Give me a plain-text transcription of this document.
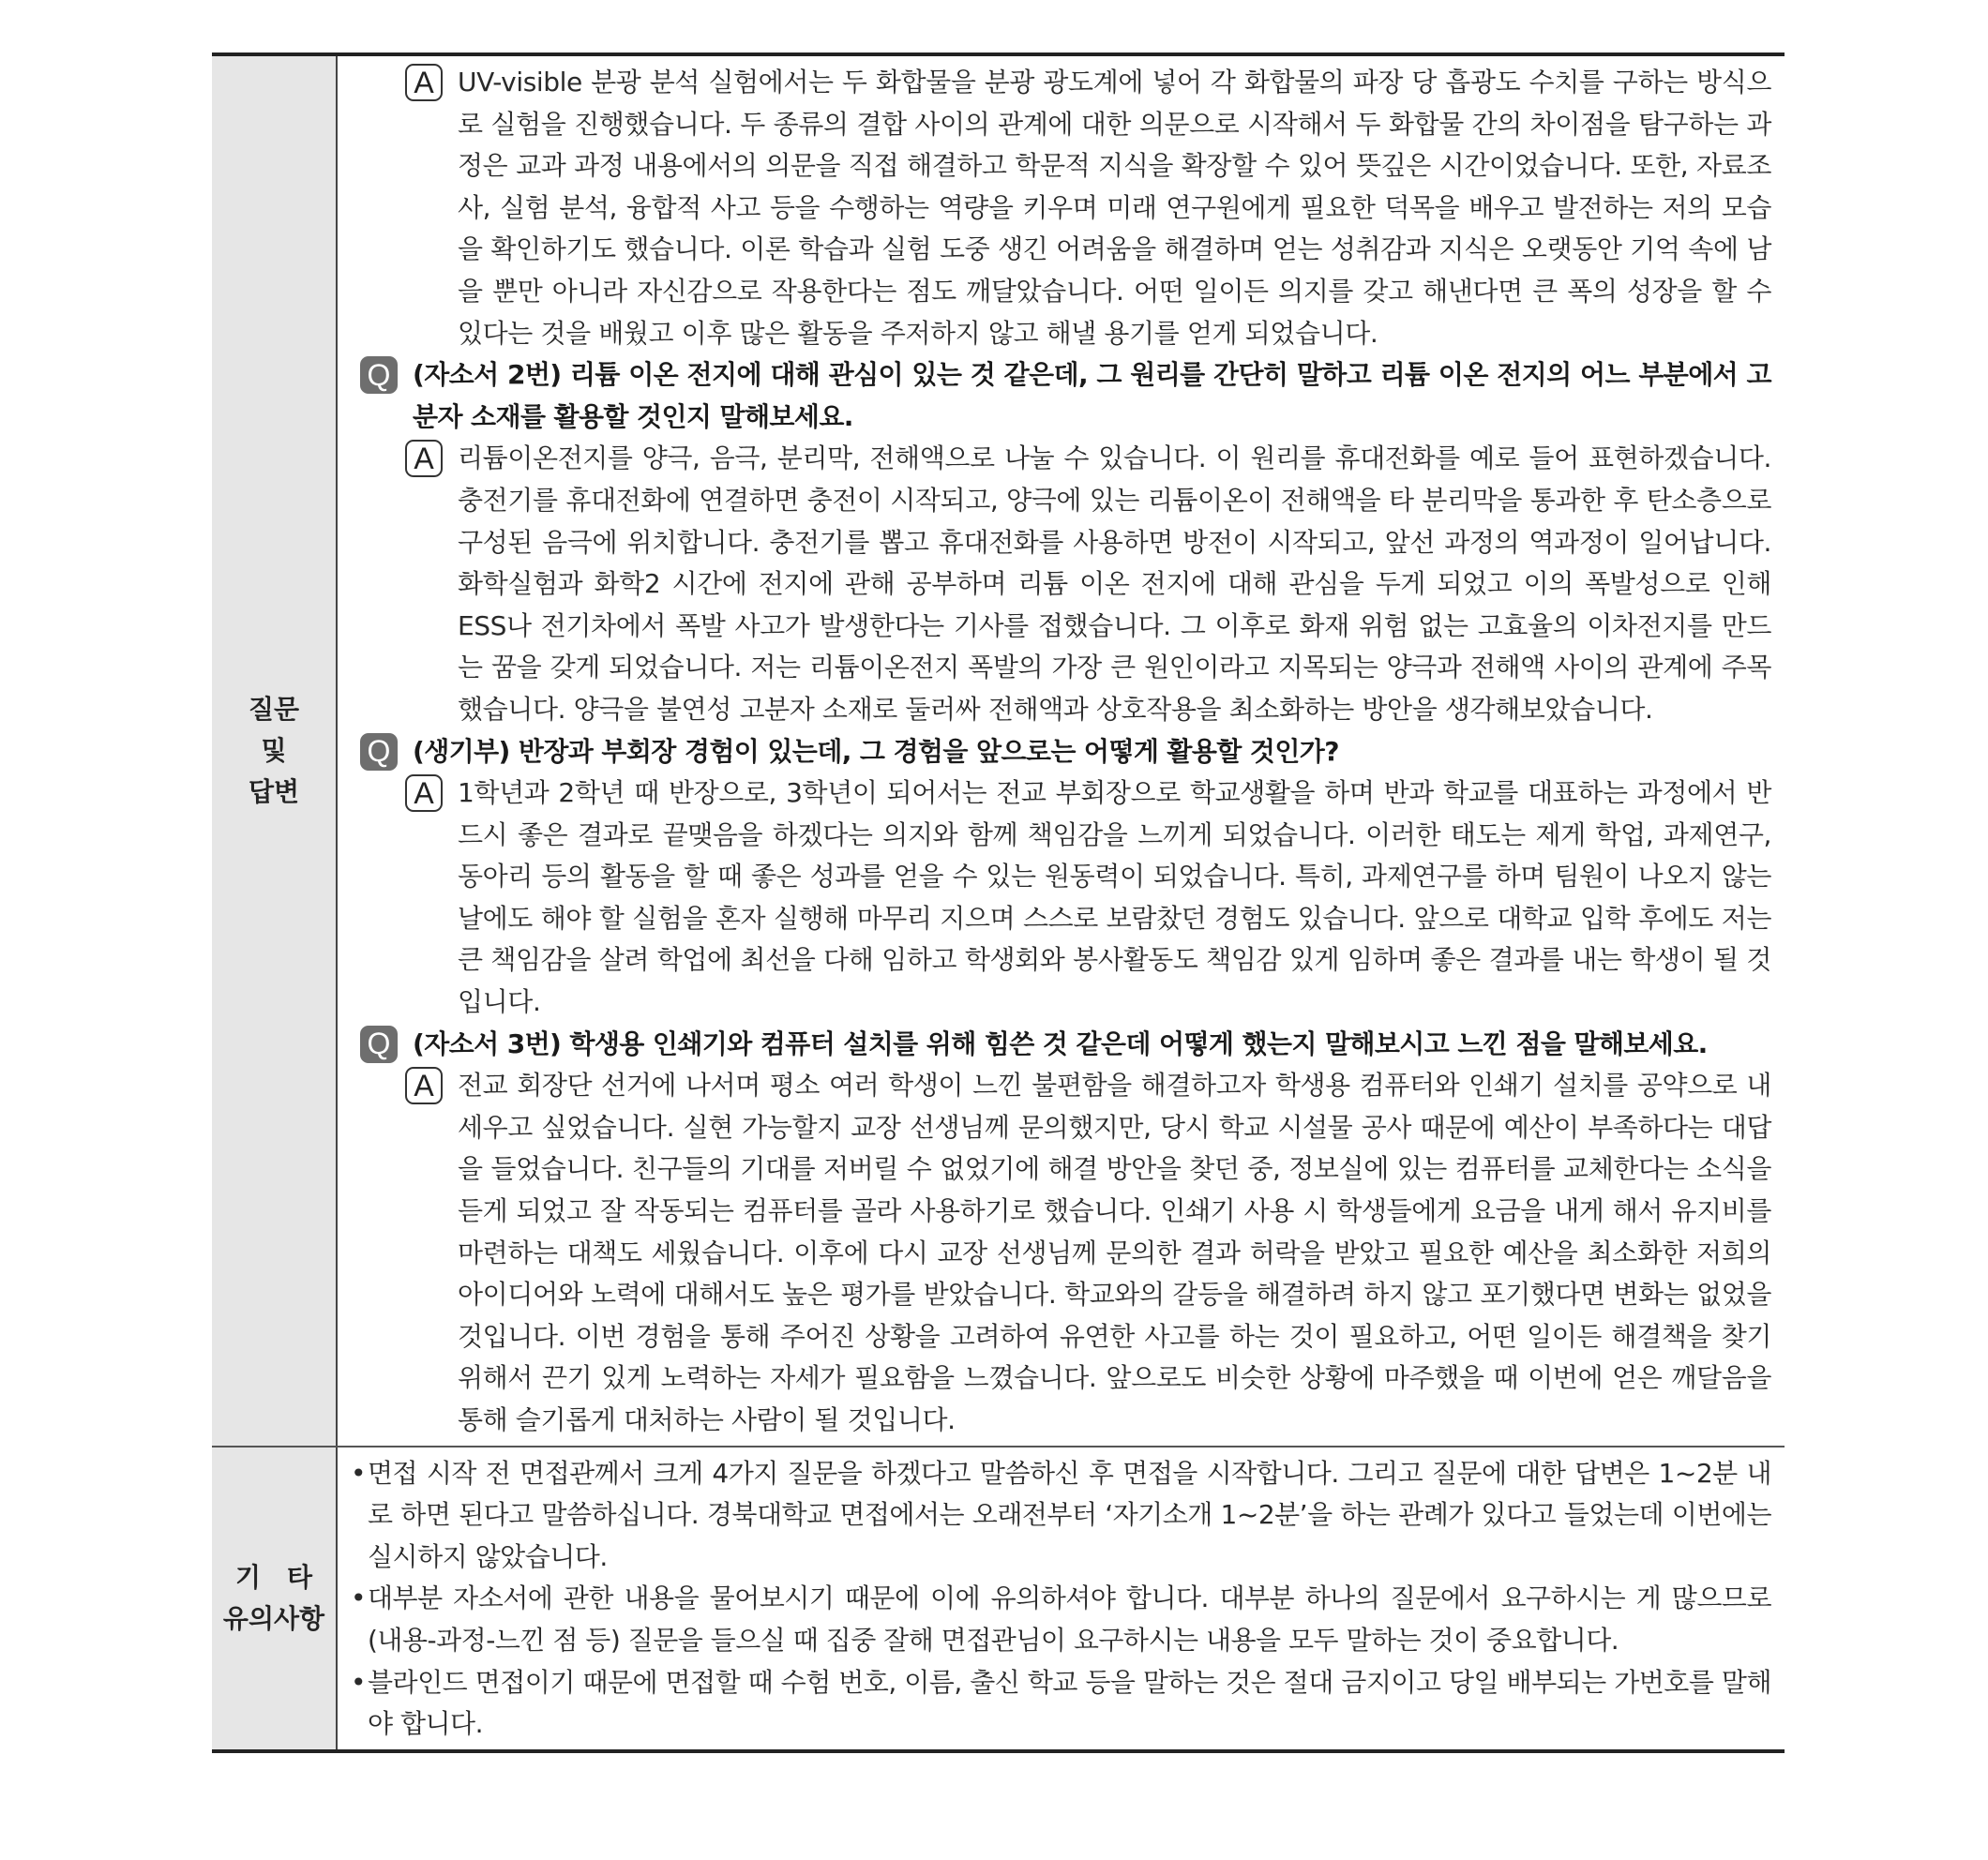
질문
및
답변
A UV-visible 분광 분석 실험에서는 두 화합물을 분광 광도계에 넣어 각 화합물의 파장 당 흡광도 수치를 구하는 방식으로 실험을 진행했습니다. 두 종류의 결합 사이의 관계에 대한 의문으로 시작해서 두 화합물 간의 차이점을 탐구하는 과정은 교과 과정 내용에서의 의문을 직접 해결하고 학문적 지식을 확장할 수 있어 뜻깊은 시간이었습니다. 또한, 자료조사, 실험 분석, 융합적 사고 등을 수행하는 역량을 키우며 미래 연구원에게 필요한 덕목을 배우고 발전하는 저의 모습을 확인하기도 했습니다. 이론 학습과 실험 도중 생긴 어려움을 해결하며 얻는 성취감과 지식은 오랫동안 기억 속에 남을 뿐만 아니라 자신감으로 작용한다는 점도 깨달았습니다. 어떤 일이든 의지를 갖고 해낸다면 큰 폭의 성장을 할 수 있다는 것을 배웠고 이후 많은 활동을 주저하지 않고 해낼 용기를 얻게 되었습니다.
Q (자소서 2번) 리튬 이온 전지에 대해 관심이 있는 것 같은데, 그 원리를 간단히 말하고 리튬 이온 전지의 어느 부분에서 고분자 소재를 활용할 것인지 말해보세요.
A 리튬이온전지를 양극, 음극, 분리막, 전해액으로 나눌 수 있습니다. 이 원리를 휴대전화를 예로 들어 표현하겠습니다. 충전기를 휴대전화에 연결하면 충전이 시작되고, 양극에 있는 리튬이온이 전해액을 타 분리막을 통과한 후 탄소층으로 구성된 음극에 위치합니다. 충전기를 뽑고 휴대전화를 사용하면 방전이 시작되고, 앞선 과정의 역과정이 일어납니다. 화학실험과 화학2 시간에 전지에 관해 공부하며 리튬 이온 전지에 대해 관심을 두게 되었고 이의 폭발성으로 인해 ESS나 전기차에서 폭발 사고가 발생한다는 기사를 접했습니다. 그 이후로 화재 위험 없는 고효율의 이차전지를 만드는 꿈을 갖게 되었습니다. 저는 리튬이온전지 폭발의 가장 큰 원인이라고 지목되는 양극과 전해액 사이의 관계에 주목했습니다. 양극을 불연성 고분자 소재로 둘러싸 전해액과 상호작용을 최소화하는 방안을 생각해보았습니다.
Q (생기부) 반장과 부회장 경험이 있는데, 그 경험을 앞으로는 어떻게 활용할 것인가?
A 1학년과 2학년 때 반장으로, 3학년이 되어서는 전교 부회장으로 학교생활을 하며 반과 학교를 대표하는 과정에서 반드시 좋은 결과로 끝맺음을 하겠다는 의지와 함께 책임감을 느끼게 되었습니다. 이러한 태도는 제게 학업, 과제연구, 동아리 등의 활동을 할 때 좋은 성과를 얻을 수 있는 원동력이 되었습니다. 특히, 과제연구를 하며 팀원이 나오지 않는 날에도 해야 할 실험을 혼자 실행해 마무리 지으며 스스로 보람찼던 경험도 있습니다. 앞으로 대학교 입학 후에도 저는 큰 책임감을 살려 학업에 최선을 다해 임하고 학생회와 봉사활동도 책임감 있게 임하며 좋은 결과를 내는 학생이 될 것입니다.
Q (자소서 3번) 학생용 인쇄기와 컴퓨터 설치를 위해 힘쓴 것 같은데 어떻게 했는지 말해보시고 느낀 점을 말해보세요.
A 전교 회장단 선거에 나서며 평소 여러 학생이 느낀 불편함을 해결하고자 학생용 컴퓨터와 인쇄기 설치를 공약으로 내세우고 싶었습니다. 실현 가능할지 교장 선생님께 문의했지만, 당시 학교 시설물 공사 때문에 예산이 부족하다는 대답을 들었습니다. 친구들의 기대를 저버릴 수 없었기에 해결 방안을 찾던 중, 정보실에 있는 컴퓨터를 교체한다는 소식을 듣게 되었고 잘 작동되는 컴퓨터를 골라 사용하기로 했습니다. 인쇄기 사용 시 학생들에게 요금을 내게 해서 유지비를 마련하는 대책도 세웠습니다. 이후에 다시 교장 선생님께 문의한 결과 허락을 받았고 필요한 예산을 최소화한 저희의 아이디어와 노력에 대해서도 높은 평가를 받았습니다. 학교와의 갈등을 해결하려 하지 않고 포기했다면 변화는 없었을 것입니다. 이번 경험을 통해 주어진 상황을 고려하여 유연한 사고를 하는 것이 필요하고, 어떤 일이든 해결책을 찾기 위해서 끈기 있게 노력하는 자세가 필요함을 느꼈습니다. 앞으로도 비슷한 상황에 마주했을 때 이번에 얻은 깨달음을 통해 슬기롭게 대처하는 사람이 될 것입니다.
기　타
유의사항
• 면접 시작 전 면접관께서 크게 4가지 질문을 하겠다고 말씀하신 후 면접을 시작합니다. 그리고 질문에 대한 답변은 1~2분 내로 하면 된다고 말씀하십니다. 경북대학교 면접에서는 오래전부터 ‘자기소개 1~2분’을 하는 관례가 있다고 들었는데 이번에는 실시하지 않았습니다.
• 대부분 자소서에 관한 내용을 물어보시기 때문에 이에 유의하셔야 합니다. 대부분 하나의 질문에서 요구하시는 게 많으므로 (내용-과정-느낀 점 등) 질문을 들으실 때 집중 잘해 면접관님이 요구하시는 내용을 모두 말하는 것이 중요합니다.
• 블라인드 면접이기 때문에 면접할 때 수험 번호, 이름, 출신 학교 등을 말하는 것은 절대 금지이고 당일 배부되는 가번호를 말해야 합니다.
